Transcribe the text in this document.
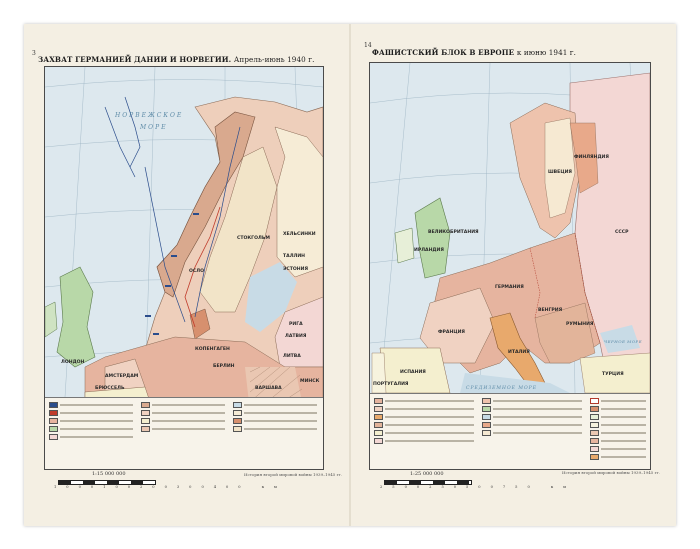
3
ЗАХВАТ ГЕРМАНИЕЙ ДАНИИ И НОРВЕГИИ. Апрель-июнь 1940 г.
НОРВЕЖСКОЕ
МОРЕ
СТОКГОЛЬМ
ХЕЛЬСИНКИ
ТАЛЛИН
ЭСТОНИЯ
РИГА
ЛАТВИЯ
ЛИТВА
ОСЛО
КОПЕНГАГЕН
АМСТЕРДАМ
БРЮССЕЛЬ
БЕРЛИН
ВАРШАВА
МИНСК
ЛОНДОН
1:15 000 000
1000100200300400 км
История второй мировой войны 1939–1945 гг.
14
ФАШИСТСКИЙ БЛОК В ЕВРОПЕ к июню 1941 г.
ИРЛАНДИЯ
ВЕЛИКОБРИТАНИЯ
ФРАНЦИЯ
ИСПАНИЯ
ПОРТУГАЛИЯ
ГЕРМАНИЯ
ИТАЛИЯ
СССР
ШВЕЦИЯ
ФИНЛЯНДИЯ
ТУРЦИЯ
РУМЫНИЯ
ВЕНГРИЯ
СРЕДИЗЕМНОЕ МОРЕ
ЧЕРНОЕ МОРЕ
1:25 000 000
2500250500750 км
История второй мировой войны 1939–1945 гг.
